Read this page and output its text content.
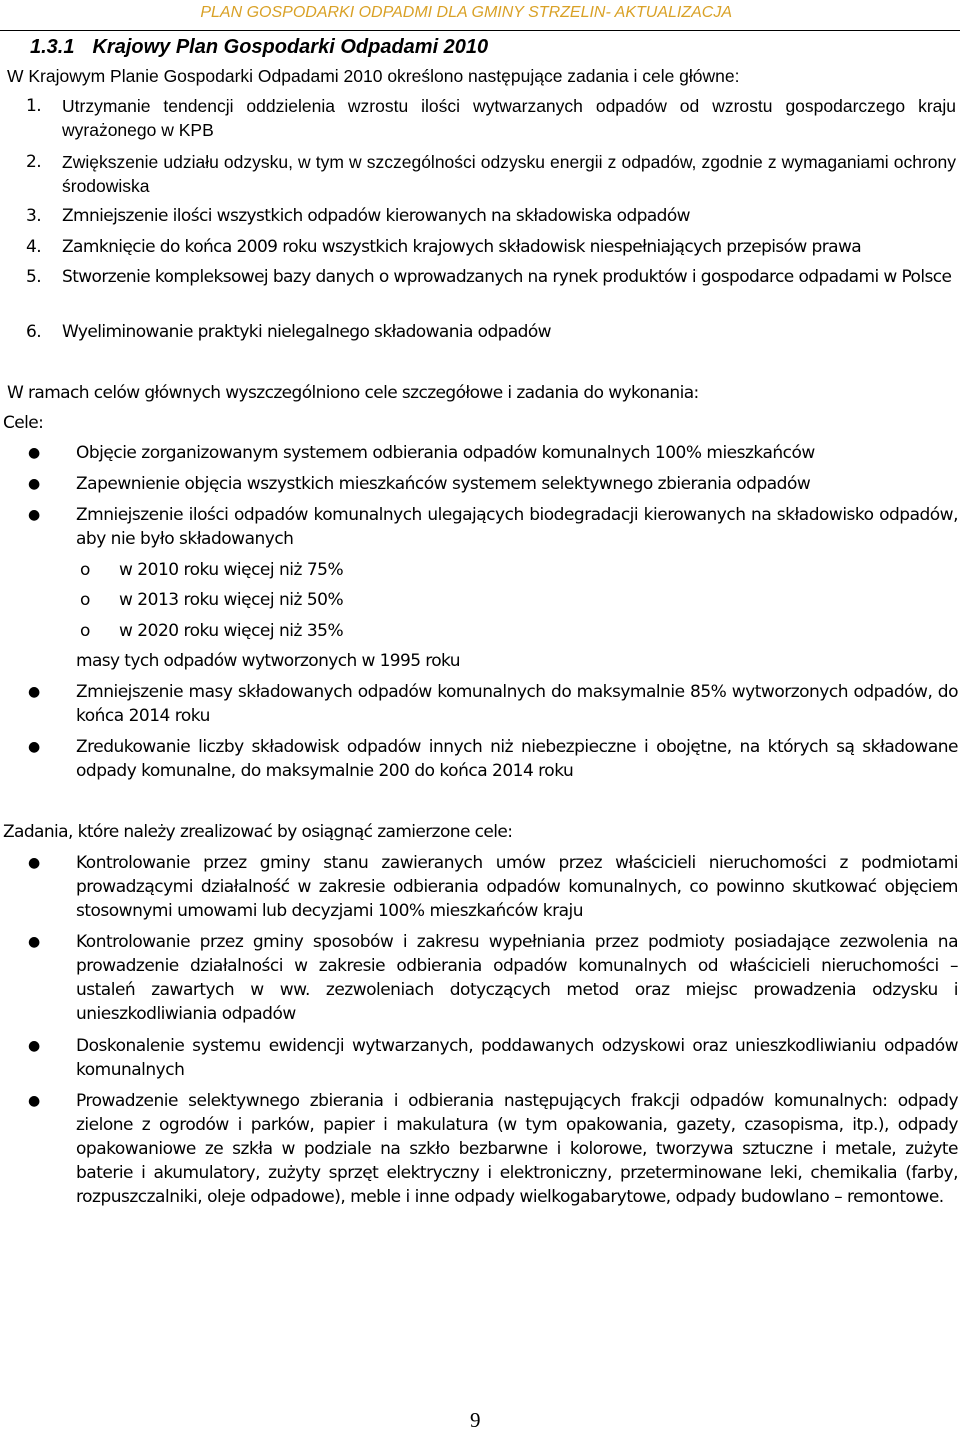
PLAN GOSPODARKI ODPADMI DLA GMINY STRZELIN- AKTUALIZACJA
1.3.1 Krajowy Plan Gospodarki Odpadami 2010
W Krajowym Planie Gospodarki Odpadami 2010 określono następujące zadania i cele główne:
1. Utrzymanie tendencji oddzielenia wzrostu ilości wytwarzanych odpadów od wzrostu gospodarczego kraju wyrażonego w KPB
2. Zwiększenie udziału odzysku, w tym w szczególności odzysku energii z odpadów, zgodnie z wymaganiami ochrony środowiska
3. Zmniejszenie ilości wszystkich odpadów kierowanych na składowiska odpadów
4. Zamknięcie do końca 2009 roku wszystkich krajowych składowisk niespełniających przepisów prawa
5. Stworzenie kompleksowej bazy danych o wprowadzanych na rynek produktów i gospodarce odpadami w Polsce
6. Wyeliminowanie praktyki nielegalnego składowania odpadów
W ramach celów głównych wyszczególniono cele szczegółowe i zadania do wykonania:
Cele:
● Objęcie zorganizowanym systemem odbierania odpadów komunalnych 100% mieszkańców
● Zapewnienie objęcia wszystkich mieszkańców systemem selektywnego zbierania odpadów
● Zmniejszenie ilości odpadów komunalnych ulegających biodegradacji kierowanych na składowisko odpadów, aby nie było składowanych
o w 2010 roku więcej niż 75%
o w 2013 roku więcej niż 50%
o w 2020 roku więcej niż 35%
masy tych odpadów wytworzonych w 1995 roku
● Zmniejszenie masy składowanych odpadów komunalnych do maksymalnie 85% wytworzonych odpadów, do końca 2014 roku
● Zredukowanie liczby składowisk odpadów innych niż niebezpieczne i obojętne, na których są składowane odpady komunalne, do maksymalnie 200 do końca 2014 roku
Zadania, które należy zrealizować by osiągnąć zamierzone cele:
● Kontrolowanie przez gminy stanu zawieranych umów przez właścicieli nieruchomości z podmiotami prowadzącymi działalność w zakresie odbierania odpadów komunalnych, co powinno skutkować objęciem stosownymi umowami lub decyzjami 100% mieszkańców kraju
● Kontrolowanie przez gminy sposobów i zakresu wypełniania przez podmioty posiadające zezwolenia na prowadzenie działalności w zakresie odbierania odpadów komunalnych od właścicieli nieruchomości – ustaleń zawartych w ww. zezwoleniach dotyczących metod oraz miejsc prowadzenia odzysku i unieszkodliwiania odpadów
● Doskonalenie systemu ewidencji wytwarzanych, poddawanych odzyskowi oraz unieszkodliwianiu odpadów komunalnych
● Prowadzenie selektywnego zbierania i odbierania następujących frakcji odpadów komunalnych: odpady zielone z ogrodów i parków, papier i makulatura (w tym opakowania, gazety, czasopisma, itp.), odpady opakowaniowe ze szkła w podziale na szkło bezbarwne i kolorowe, tworzywa sztuczne i metale, zużyte baterie i akumulatory, zużyty sprzęt elektryczny i elektroniczny, przeterminowane leki, chemikalia (farby, rozpuszczalniki, oleje odpadowe), meble i inne odpady wielkogabarytowe, odpady budowlano – remontowe.
9
